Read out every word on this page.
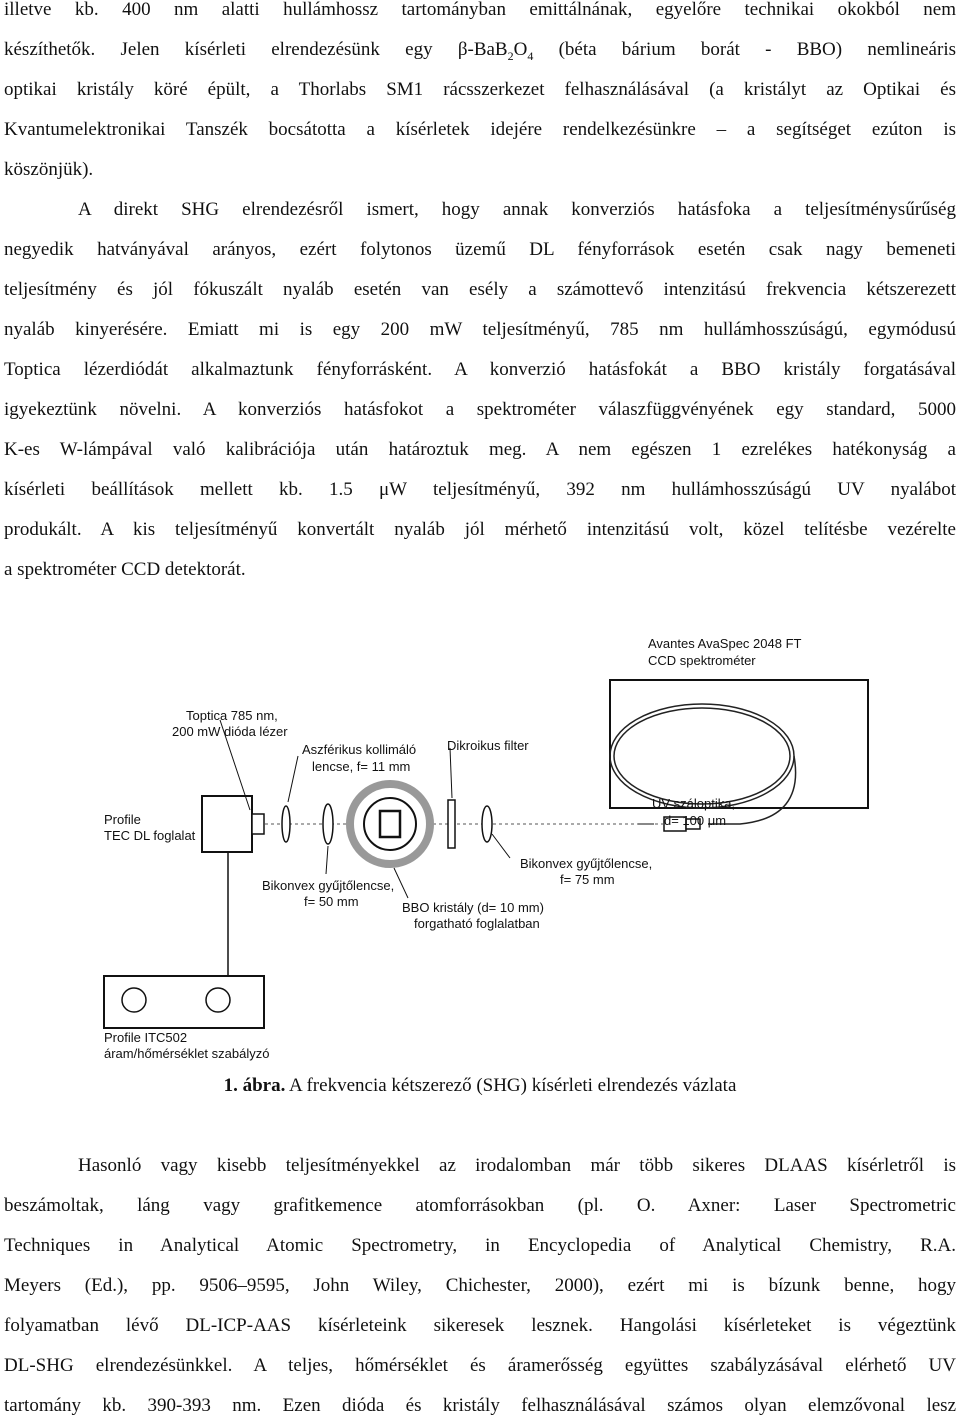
illetve kb. 400 nm alatti hullámhossz tartományban emittálnának, egyelőre technikai okokból nem
készíthetők. Jelen kísérleti elrendezésünk egy $\beta-BaB_2O_4$ (béta bárium borát - BBO) nemlineáris
optikai kristály köré épült, a Thorlabs SM1 rácsszerkezet felhasználásával (a kristályt az Optikai és
Kvantumelektronikai Tanszék bocsátotta a kísérletek idejére rendelkezésünkre – a segítséget ezúton is
köszönjük).
A direkt SHG elrendezésről ismert, hogy annak konverziós hatásfoka a teljesítménysűrűség
negyedik hatványával arányos, ezért folytonos üzemű DL fényforrások esetén csak nagy bemeneti
teljesítmény és jól fókuszált nyaláb esetén van esély a számottevő intenzitású frekvencia kétszerezett
nyaláb kinyerésére. Emiatt mi is egy 200 mW teljesítményű, 785 nm hullámhosszúságú, egymódusú
Toptica lézerdiódát alkalmaztunk fényforrásként. A konverzió hatásfokát a BBO kristály forgatásával
igyekeztünk növelni. A konverziós hatásfokot a spektrométer válaszfüggvényének egy standard, 5000
K-es W-lámpával való kalibrációja után határoztuk meg. A nem egészen 1 ezrelékes hatékonyság a
kísérleti beállítások mellett kb. 1.5 μW teljesítményű, 392 nm hullámhosszúságú UV nyalábot
produkált. A kis teljesítményű konvertált nyaláb jól mérhető intenzitású volt, közel telítésbe vezérelte
a spektrométer CCD detektorát.
Avantes AvaSpec 2048 FT
CCD spektrométer
Toptica 785 nm,
200 mW dióda lézer
Aszférikus kollimáló
lencse, f= 11 mm
Dikroikus filter
Profile
TEC DL foglalat
UV száloptika,
d= 100 μm
Bikonvex gyűjtőlencse,
f= 75 mm
Bikonvex gyűjtőlencse,
f= 50 mm	BBO kristály (d= 10 mm)
forgatható foglalatban
Profile ITC502
áram/hőmérséklet szabályzó
1. ábra. A frekvencia kétszerező (SHG) kísérleti elrendezés vázlata
Hasonló vagy kisebb teljesítményekkel az irodalomban már több sikeres DLAAS kísérletről is
beszámoltak, láng vagy grafitkemence atomforrásokban (pl. O. Axner: Laser Spectrometric
Techniques in Analytical Atomic Spectrometry, in Encyclopedia of Analytical Chemistry, R.A.
Meyers (Ed.), pp. 9506–9595, John Wiley, Chichester, 2000), ezért mi is bízunk benne, hogy
folyamatban lévő DL-ICP-AAS kísérleteink sikeresek lesznek. Hangolási kísérleteket is végeztünk
DL-SHG elrendezésünkkel. A teljes, hőmérséklet és áramerősség együttes szabályzásával elérhető UV
tartomány kb. 390-393 nm. Ezen dióda és kristály felhasználásával számos olyan elemzővonal lesz
